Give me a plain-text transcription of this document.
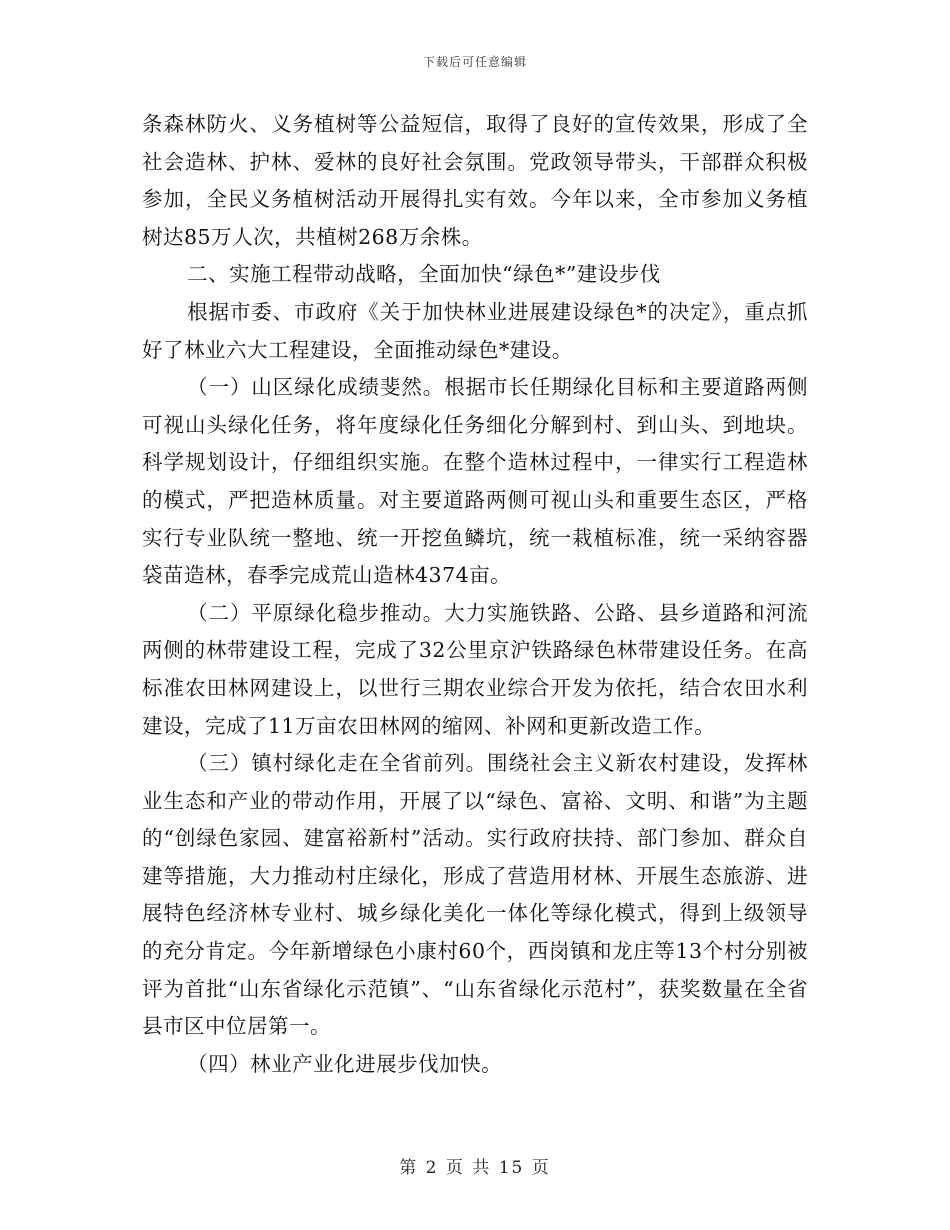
下载后可任意编辑

条森林防火、义务植树等公益短信，取得了良好的宣传效果，形成了全社会造林、护林、爱林的良好社会氛围。党政领导带头，干部群众积极参加，全民义务植树活动开展得扎实有效。今年以来，全市参加义务植树达85万人次，共植树268万余株。

二、实施工程带动战略，全面加快“绿色*”建设步伐

根据市委、市政府《关于加快林业进展建设绿色*的决定》，重点抓好了林业六大工程建设，全面推动绿色*建设。

（一）山区绿化成绩斐然。根据市长任期绿化目标和主要道路两侧可视山头绿化任务，将年度绿化任务细化分解到村、到山头、到地块。科学规划设计，仔细组织实施。在整个造林过程中，一律实行工程造林的模式，严把造林质量。对主要道路两侧可视山头和重要生态区，严格实行专业队统一整地、统一开挖鱼鳞坑，统一栽植标准，统一采纳容器袋苗造林，春季完成荒山造林4374亩。

（二）平原绿化稳步推动。大力实施铁路、公路、县乡道路和河流两侧的林带建设工程，完成了32公里京沪铁路绿色林带建设任务。在高标准农田林网建设上，以世行三期农业综合开发为依托，结合农田水利建设，完成了11万亩农田林网的缩网、补网和更新改造工作。

（三）镇村绿化走在全省前列。围绕社会主义新农村建设，发挥林业生态和产业的带动作用，开展了以“绿色、富裕、文明、和谐”为主题的“创绿色家园、建富裕新村”活动。实行政府扶持、部门参加、群众自建等措施，大力推动村庄绿化，形成了营造用材林、开展生态旅游、进展特色经济林专业村、城乡绿化美化一体化等绿化模式，得到上级领导的充分肯定。今年新增绿色小康村60个，西岗镇和龙庄等13个村分别被评为首批“山东省绿化示范镇”、“山东省绿化示范村”，获奖数量在全省县市区中位居第一。

（四）林业产业化进展步伐加快。

第 2 页 共 15 页
